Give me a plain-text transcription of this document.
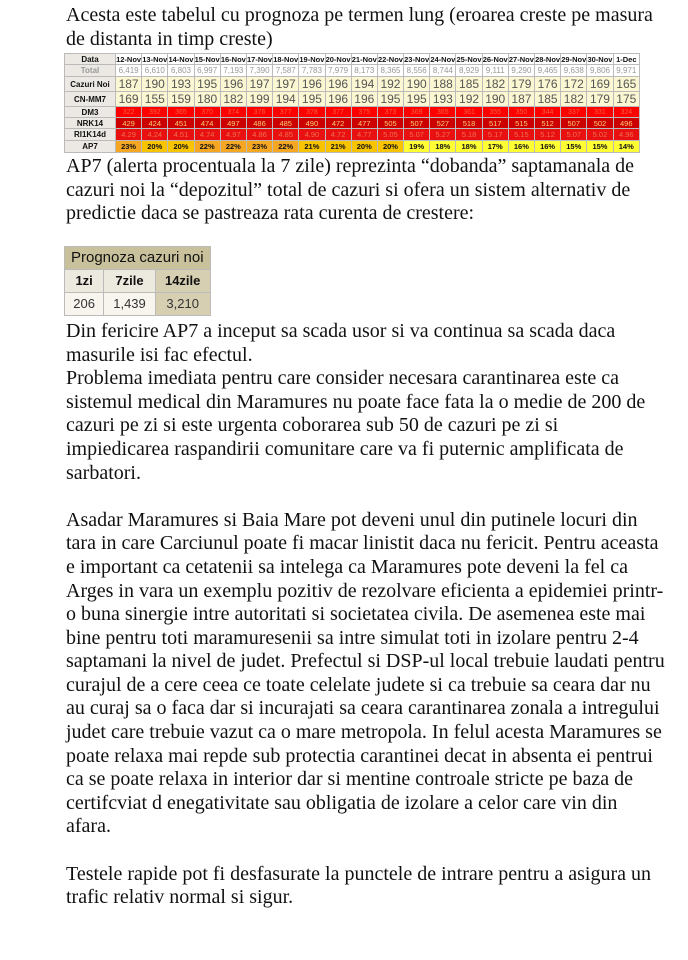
Acesta este tabelul cu prognoza pe termen lung (eroarea creste pe masura de distanta in timp creste)

Data	12-Nov	13-Nov	14-Nov	15-Nov	16-Nov	17-Nov	18-Nov	19-Nov	20-Nov	21-Nov	22-Nov	23-Nov	24-Nov	25-Nov	26-Nov	27-Nov	28-Nov	29-Nov	30-Nov	1-Dec
Total	6,419	6,610	6,803	6,997	7,193	7,390	7,587	7,783	7,979	8,173	8,365	8,556	8,744	8,929	9,111	9,290	9,465	9,638	9,806	9,971
Cazuri Noi	187	190	193	195	196	197	197	196	196	194	192	190	188	185	182	179	176	172	169	165
CN-MM7	169	155	159	180	182	199	194	195	196	196	195	195	193	192	190	187	185	182	179	175
DM3	322	392	365	370	374	376	377	378	377	375	373	369	365	361	355	350	344	337	331	324
NRK14	429	424	451	474	497	486	485	490	472	477	505	507	527	518	517	515	512	507	502	496
RI1K14d	4.29	4.24	4.51	4.74	4.97	4.86	4.85	4.90	4.72	4.77	5.05	5.07	5.27	5.18	5.17	5.15	5.12	5.07	5.02	4.96
AP7	23%	20%	20%	22%	22%	23%	22%	21%	21%	20%	20%	19%	18%	18%	17%	16%	16%	15%	15%	14%

AP7 (alerta procentuala la 7 zile) reprezinta “dobanda” saptamanala de cazuri noi la “depozitul” total de cazuri si ofera un sistem alternativ de predictie daca se pastreaza rata curenta de crestere:

Prognoza cazuri noi		
1zi	7zile	14zile
206	1,439	3,210

Din fericire AP7 a inceput sa scada usor si va continua sa scada daca masurile isi fac efectul.

Problema imediata pentru care consider necesara carantinarea este ca sistemul medical din Maramures nu poate face fata la o medie de 200 de cazuri pe zi si este urgenta coborarea sub 50 de cazuri pe zi si impiedicarea raspandirii comunitare care va fi puternic amplificata de sarbatori.

Asadar Maramures si Baia Mare pot deveni unul din putinele locuri din tara in care Carciunul poate fi macar linistit daca nu fericit. Pentru aceasta e important ca cetatenii sa intelega ca Maramures pote deveni la fel ca Arges in vara un exemplu pozitiv de rezolvare eficienta a epidemiei printr-o buna sinergie intre autoritati si societatea civila. De asemenea este mai bine pentru toti maramuresenii sa intre simulat toti in izolare pentru 2-4 saptamani la nivel de judet. Prefectul si DSP-ul local trebuie laudati pentru curajul de a cere ceea ce toate celelate judete si ca trebuie sa ceara dar nu au curaj sa o faca dar si incurajati sa ceara carantinarea zonala a intregului judet care trebuie vazut ca o mare metropola. In felul acesta Maramures se poate relaxa mai repde sub protectia carantinei decat in absenta ei pentrui ca se poate relaxa in interior dar si mentine controale stricte pe baza de certifcviat d enegativitate sau obligatia de izolare a celor care vin din afara.

Testele rapide pot fi desfasurate la punctele de intrare pentru a asigura un trafic relativ normal si sigur.
